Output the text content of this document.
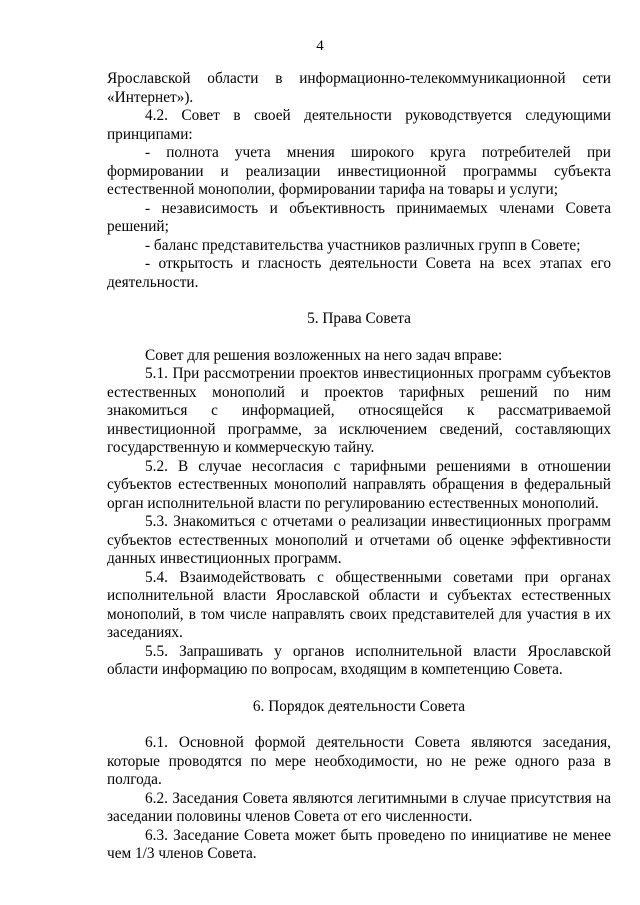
4

Ярославской области в информационно-телекоммуникационной сети «Интернет»).

4.2. Совет в своей деятельности руководствуется следующими принципами:

- полнота учета мнения широкого круга потребителей при формировании и реализации инвестиционной программы субъекта естественной монополии, формировании тарифа на товары и услуги;

- независимость и объективность принимаемых членами Совета решений;

- баланс представительства участников различных групп в Совете;

- открытость и гласность деятельности Совета на всех этапах его деятельности.

5. Права Совета

Совет для решения возложенных на него задач вправе:

5.1. При рассмотрении проектов инвестиционных программ субъектов естественных монополий и проектов тарифных решений по ним знакомиться с информацией, относящейся к рассматриваемой инвестиционной программе, за исключением сведений, составляющих государственную и коммерческую тайну.

5.2. В случае несогласия с тарифными решениями в отношении субъектов естественных монополий направлять обращения в федеральный орган исполнительной власти по регулированию естественных монополий.

5.3. Знакомиться с отчетами о реализации инвестиционных программ субъектов естественных монополий и отчетами об оценке эффективности данных инвестиционных программ.

5.4. Взаимодействовать с общественными советами при органах исполнительной власти Ярославской области и субъектах естественных монополий, в том числе направлять своих представителей для участия в их заседаниях.

5.5. Запрашивать у органов исполнительной власти Ярославской области информацию по вопросам, входящим в компетенцию Совета.

6. Порядок деятельности Совета

6.1. Основной формой деятельности Совета являются заседания, которые проводятся по мере необходимости, но не реже одного раза в полгода.

6.2. Заседания Совета являются легитимными в случае присутствия на заседании половины членов Совета от его численности.

6.3. Заседание Совета может быть проведено по инициативе не менее чем 1/3 членов Совета.
